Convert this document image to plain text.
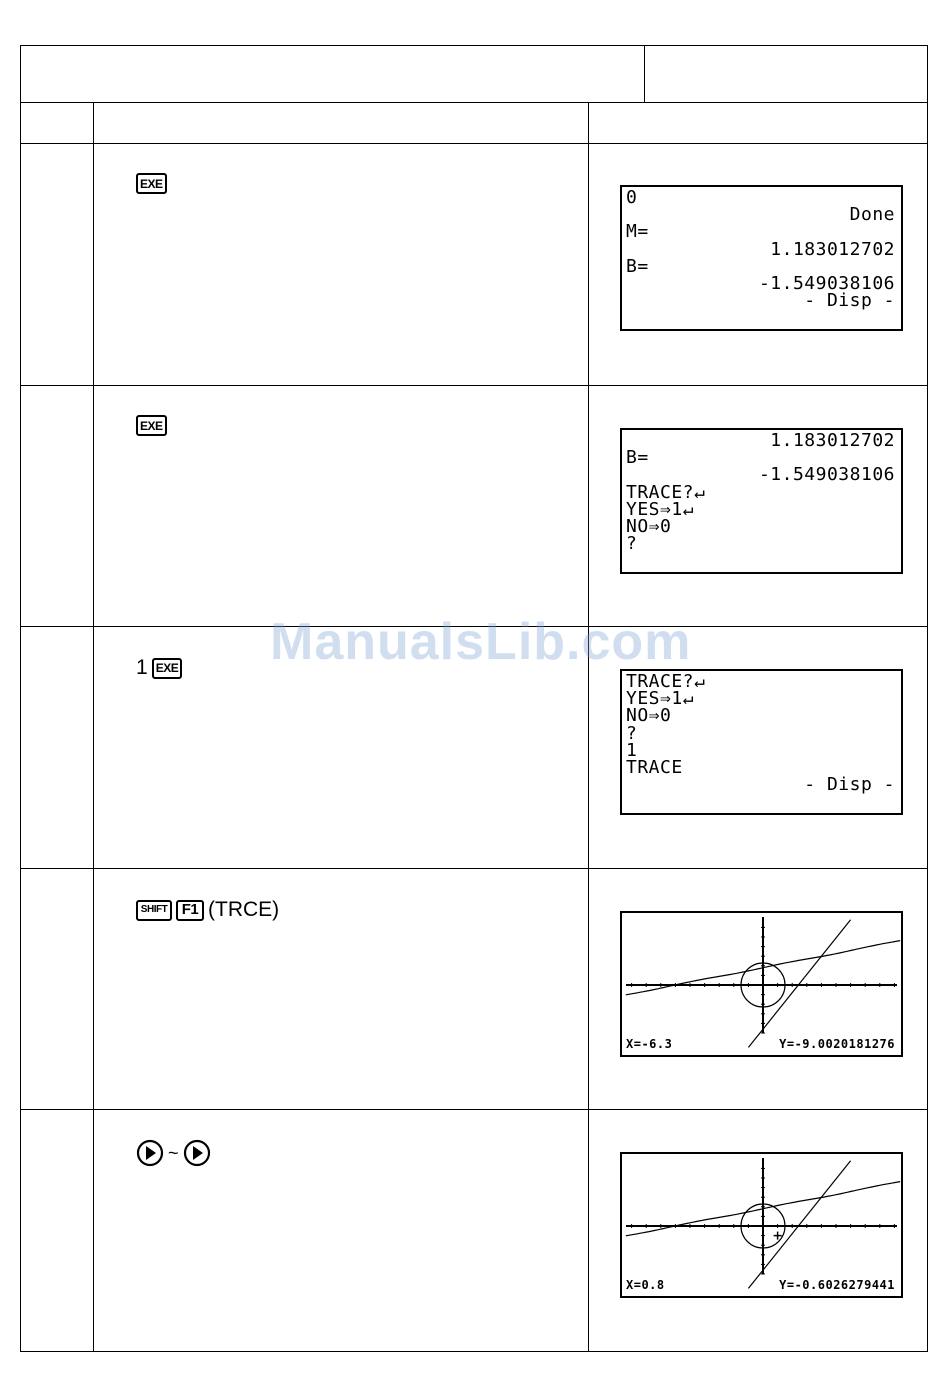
EXE
0
Done
M=
1.183012702
B=
-1.549038106
- Disp -
EXE
1.183012702
B=
-1.549038106
TRACE?↵
YES⇒1↵
NO⇒0
?
1 EXE
TRACE?↵
YES⇒1↵
NO⇒0
?
1
TRACE
- Disp -
SHIFT F1 (TRCE)
X=-6.3	Y=-9.0020181276
~
X=0.8	Y=-0.6026279441
ManualsLib.com
